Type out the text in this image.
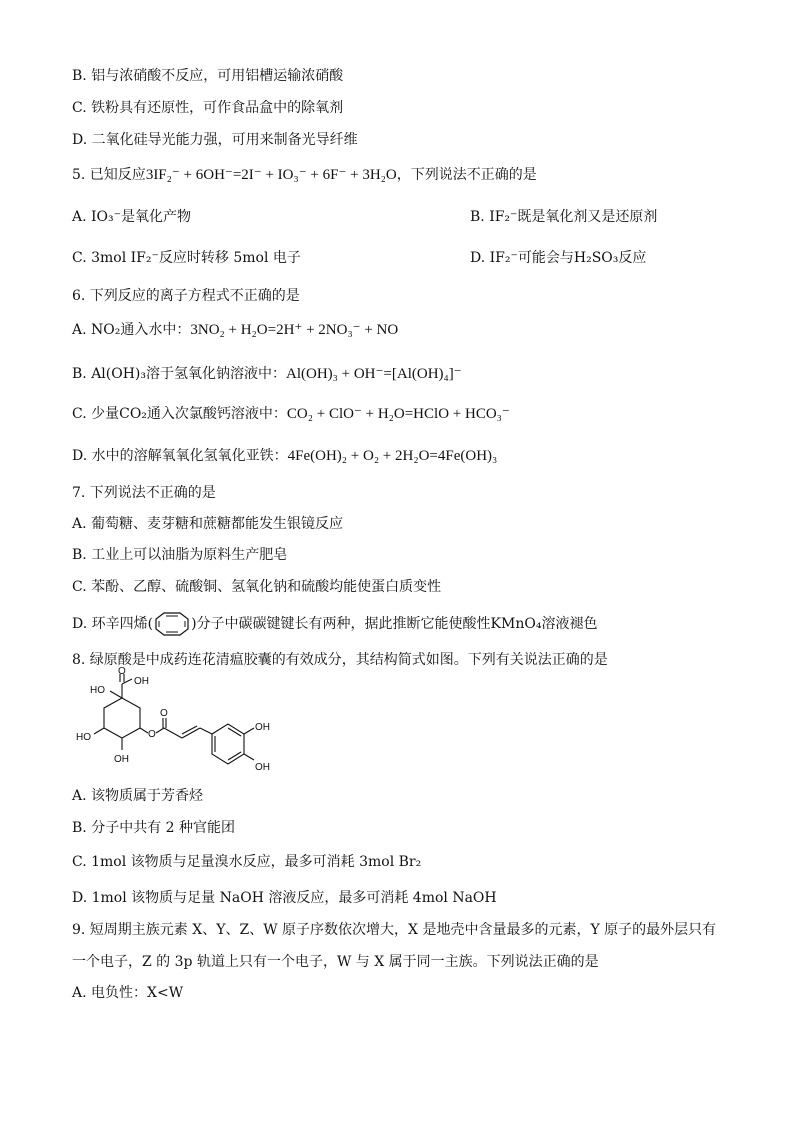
B. 铝与浓硝酸不反应，可用铝槽运输浓硝酸
C. 铁粉具有还原性，可作食品盒中的除氧剂
D. 二氧化硅导光能力强，可用来制备光导纤维
5. 已知反应3IF₂⁻ + 6OH⁻=2I⁻ + IO₃⁻ + 6F⁻ + 3H₂O，下列说法不正确的是
A. IO₃⁻是氧化产物	B. IF₂⁻既是氧化剂又是还原剂
C. 3mol IF₂⁻反应时转移 5mol 电子	D. IF₂⁻可能会与H₂SO₃反应
6. 下列反应的离子方程式不正确的是
A. NO₂通入水中：3NO₂ + H₂O=2H⁺ + 2NO₃⁻ + NO
B. Al(OH)₃溶于氢氧化钠溶液中：Al(OH)₃ + OH⁻=[Al(OH)₄]⁻
C. 少量CO₂通入次氯酸钙溶液中：CO₂ + ClO⁻ + H₂O=HClO + HCO₃⁻
D. 水中的溶解氧氧化氢氧化亚铁：4Fe(OH)₂ + O₂ + 2H₂O=4Fe(OH)₃
7. 下列说法不正确的是
A. 葡萄糖、麦芽糖和蔗糖都能发生银镜反应
B. 工业上可以油脂为原料生产肥皂
C. 苯酚、乙醇、硫酸铜、氢氧化钠和硫酸均能使蛋白质变性
D. 环辛四烯(	)分子中碳碳键键长有两种，据此推断它能使酸性KMnO₄溶液褪色
8. 绿原酸是中成药连花清瘟胶囊的有效成分，其结构简式如图。下列有关说法正确的是
HO
OH
O
HO
OH
O
O
OH
OH
A. 该物质属于芳香烃
B. 分子中共有 2 种官能团
C. 1mol 该物质与足量溴水反应，最多可消耗 3mol Br₂
D. 1mol 该物质与足量 NaOH 溶液反应，最多可消耗 4mol NaOH
9. 短周期主族元素 X、Y、Z、W 原子序数依次增大，X 是地壳中含量最多的元素，Y 原子的最外层只有
一个电子，Z 的 3p 轨道上只有一个电子，W 与 X 属于同一主族。下列说法正确的是
A. 电负性：X<W
